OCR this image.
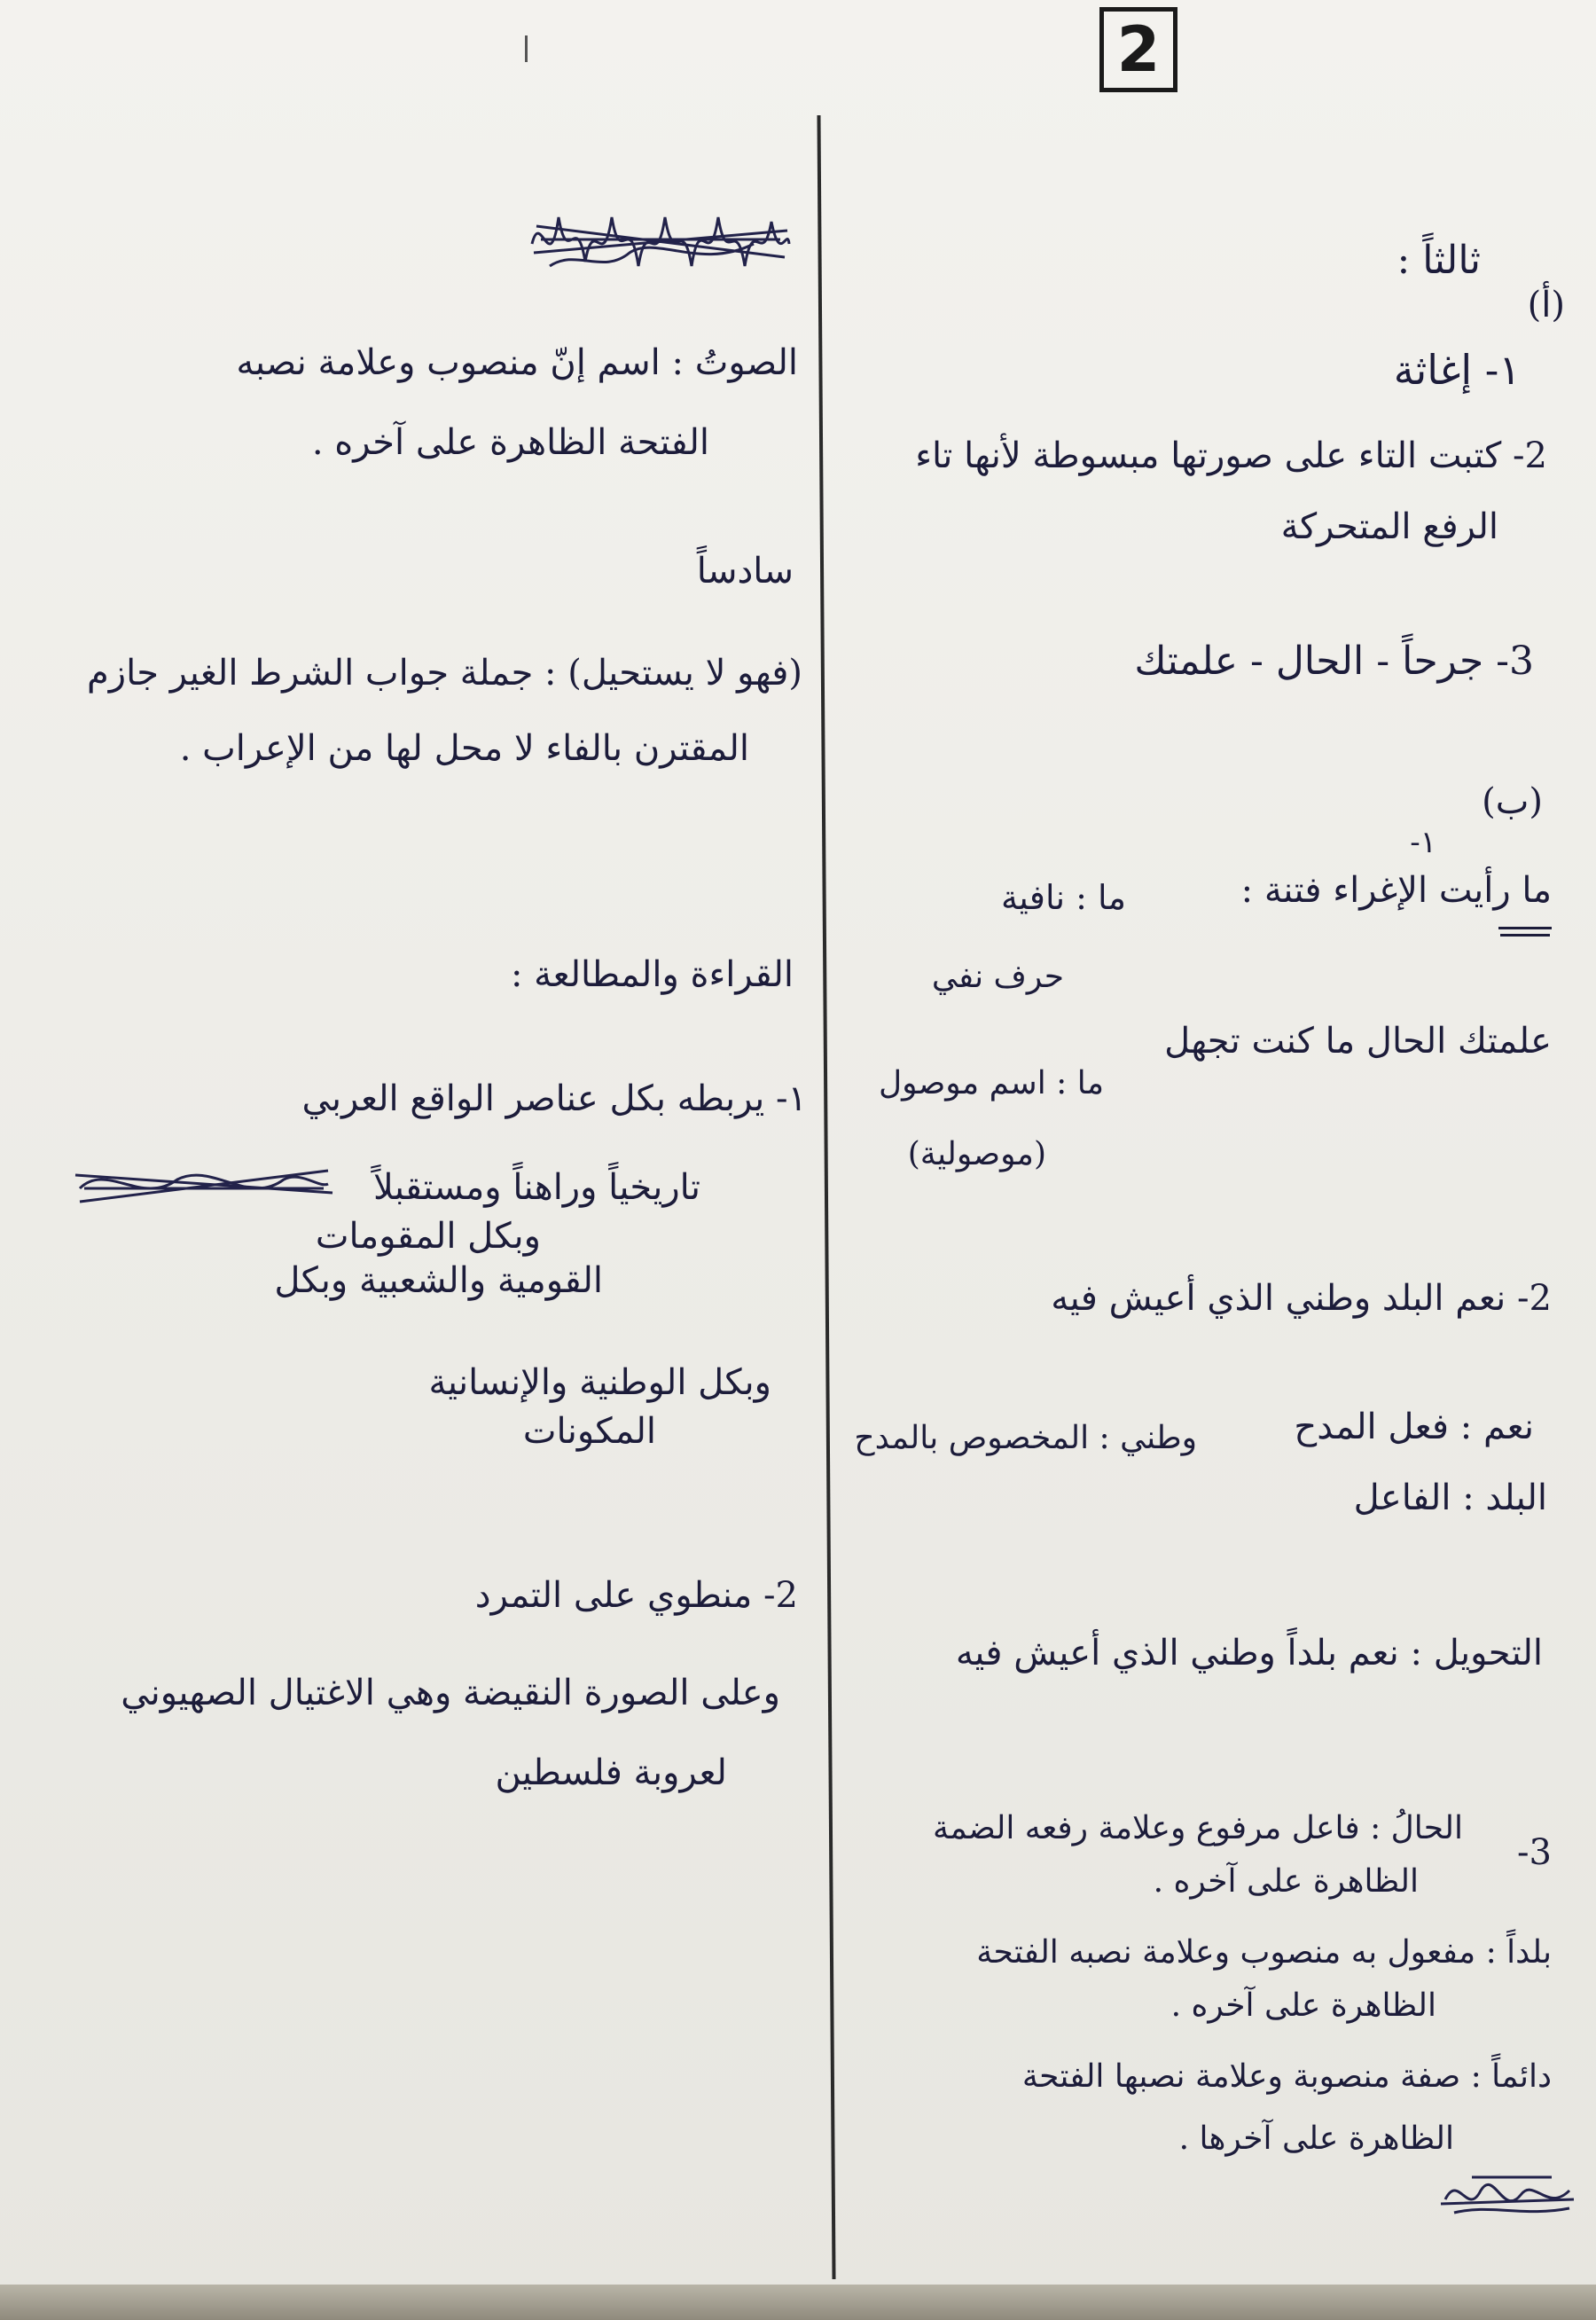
2
ثالثاً :
(أ)
١- إغاثة
2- كتبت التاء على صورتها مبسوطة لأنها تاء
الرفع المتحركة
3- جرحاً - الحال - علمتك
(ب)
١-
ما رأيت الإغراء فتنة :
ما : نافية
حرف نفي
علمتك الحال ما كنت تجهل
ما : اسم موصول
(موصولية)
2- نعم البلد وطني الذي أعيش فيه
نعم : فعل المدح
وطني : المخصوص بالمدح
البلد : الفاعل
التحويل : نعم بلداً وطني الذي أعيش فيه
3-
الحالُ : فاعل مرفوع وعلامة رفعه الضمة
الظاهرة على آخره .
بلداً : مفعول به منصوب وعلامة نصبه الفتحة
الظاهرة على آخره .
دائماً : صفة منصوبة وعلامة نصبها الفتحة
الظاهرة على آخرها .
الصوتُ : اسم إنّ منصوب وعلامة نصبه
الفتحة الظاهرة على آخره .
سادساً
(فهو لا يستحيل) : جملة جواب الشرط الغير جازم
المقترن بالفاء لا محل لها من الإعراب .
القراءة والمطالعة :
١- يربطه بكل عناصر الواقع العربي
تاريخياً وراهناً ومستقبلاً
وبكل المقومات
القومية والشعبية وبكل
وبكل الوطنية والإنسانية
المكونات
2- منطوي على التمرد
وعلى الصورة النقيضة وهي الاغتيال الصهيوني
لعروبة فلسطين
